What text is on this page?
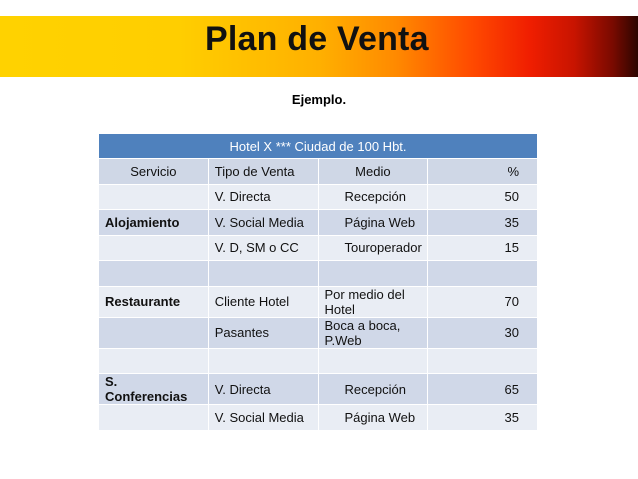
Plan de Venta
Ejemplo.
Hotel X *** Ciudad de 100 Hbt.			
Servicio	Tipo de Venta	Medio	%
	V. Directa	Recepción	50
Alojamiento	V. Social Media	Página Web	35
	V. D, SM o CC	Touroperador	15

Restaurante	Cliente Hotel	Por medio del Hotel	70
	Pasantes	Boca a boca, P.Web	30

S. Conferencias	V. Directa	Recepción	65
	V. Social Media	Página Web	35
